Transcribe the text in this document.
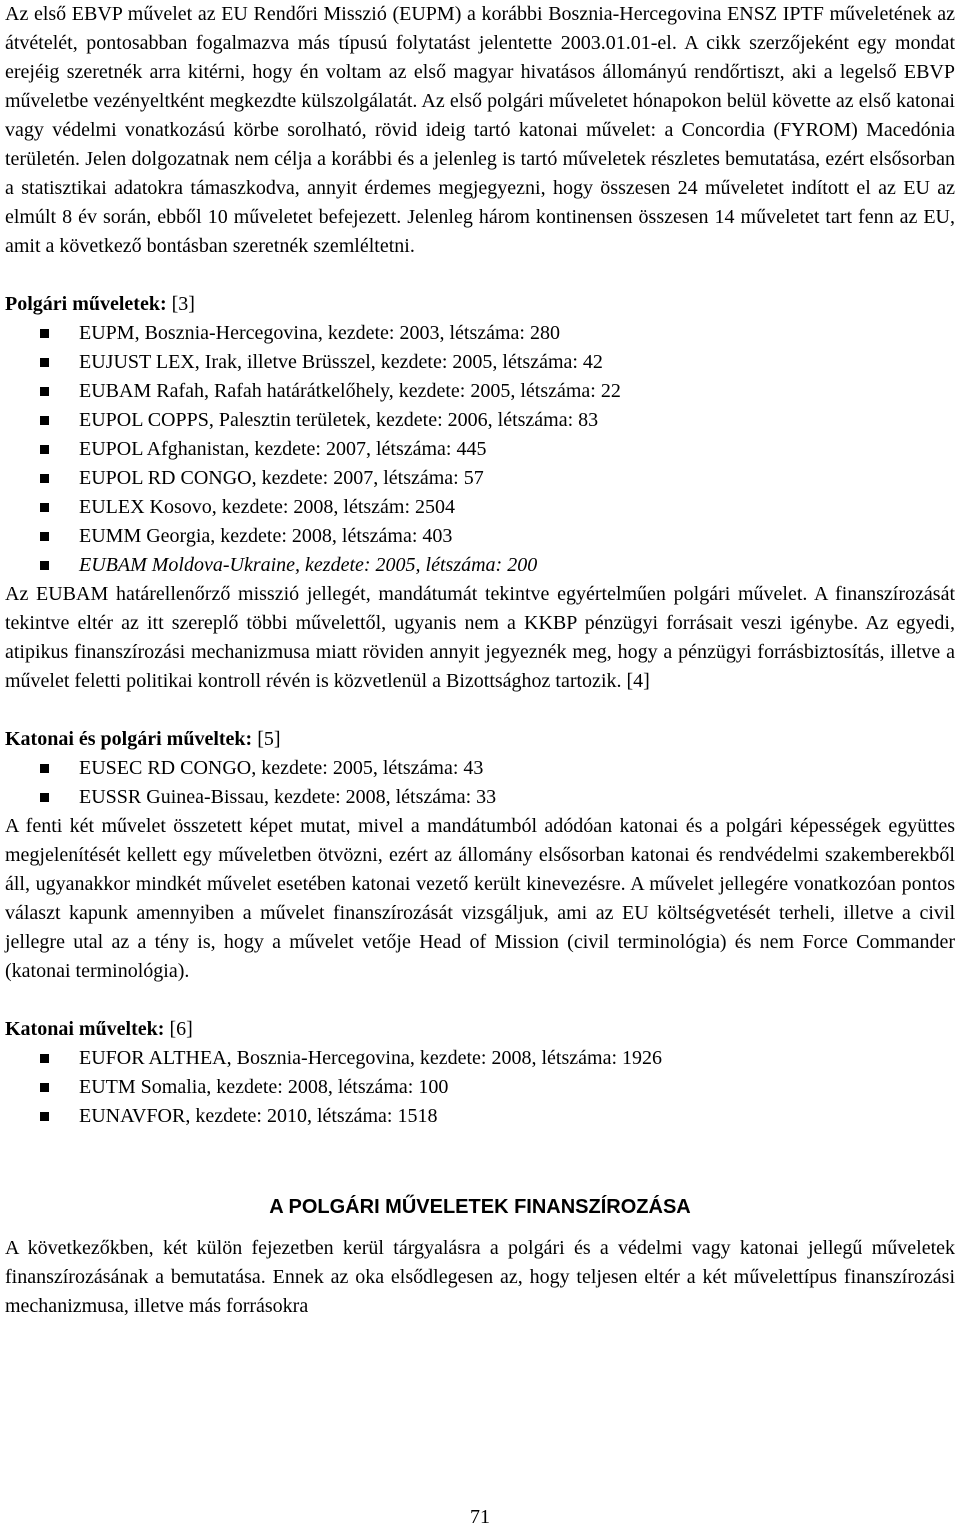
Az első EBVP művelet az EU Rendőri Misszió (EUPM) a korábbi Bosznia-Hercegovina ENSZ IPTF műveletének az átvételét, pontosabban fogalmazva más típusú folytatást jelentette 2003.01.01-el. A cikk szerzőjeként egy mondat erejéig szeretnék arra kitérni, hogy én voltam az első magyar hivatásos állományú rendőrtiszt, aki a legelső EBVP műveletbe vezényeltként megkezdte külszolgálatát. Az első polgári műveletet hónapokon belül követte az első katonai vagy védelmi vonatkozású körbe sorolható, rövid ideig tartó katonai művelet: a Concordia (FYROM) Macedónia területén. Jelen dolgozatnak nem célja a korábbi és a jelenleg is tartó műveletek részletes bemutatása, ezért elsősorban a statisztikai adatokra támaszkodva, annyit érdemes megjegyezni, hogy összesen 24 műveletet indított el az EU az elmúlt 8 év során, ebből 10 műveletet befejezett. Jelenleg három kontinensen összesen 14 műveletet tart fenn az EU, amit a következő bontásban szeretnék szemléltetni.

Polgári műveletek: [3]
EUPM, Bosznia-Hercegovina, kezdete: 2003, létszáma: 280
EUJUST LEX, Irak, illetve Brüsszel, kezdete: 2005, létszáma: 42
EUBAM Rafah, Rafah határátkelőhely, kezdete: 2005, létszáma: 22
EUPOL COPPS, Palesztin területek, kezdete: 2006, létszáma: 83
EUPOL Afghanistan, kezdete: 2007, létszáma: 445
EUPOL RD CONGO, kezdete: 2007, létszáma: 57
EULEX Kosovo, kezdete: 2008, létszám: 2504
EUMM Georgia, kezdete: 2008, létszáma: 403
EUBAM Moldova-Ukraine, kezdete: 2005, létszáma: 200

Az EUBAM határellenőrző misszió jellegét, mandátumát tekintve egyértelműen polgári művelet. A finanszírozását tekintve eltér az itt szereplő többi művelettől, ugyanis nem a KKBP pénzügyi forrásait veszi igénybe. Az egyedi, atipikus finanszírozási mechanizmusa miatt röviden annyit jegyeznék meg, hogy a pénzügyi forrásbiztosítás, illetve a művelet feletti politikai kontroll révén is közvetlenül a Bizottsághoz tartozik. [4]

Katonai és polgári műveltek: [5]
EUSEC RD CONGO, kezdete: 2005, létszáma: 43
EUSSR Guinea-Bissau, kezdete: 2008, létszáma: 33

A fenti két művelet összetett képet mutat, mivel a mandátumból adódóan katonai és a polgári képességek együttes megjelenítését kellett egy műveletben ötvözni, ezért az állomány elsősorban katonai és rendvédelmi szakemberekből áll, ugyanakkor mindkét művelet esetében katonai vezető került kinevezésre. A művelet jellegére vonatkozóan pontos választ kapunk amennyiben a művelet finanszírozását vizsgáljuk, ami az EU költségvetését terheli, illetve a civil jellegre utal az a tény is, hogy a művelet vetője Head of Mission (civil terminológia) és nem Force Commander (katonai terminológia).

Katonai műveltek: [6]
EUFOR ALTHEA, Bosznia-Hercegovina, kezdete: 2008, létszáma: 1926
EUTM Somalia, kezdete: 2008, létszáma: 100
EUNAVFOR, kezdete: 2010, létszáma: 1518
A POLGÁRI MŰVELETEK FINANSZÍROZÁSA

A következőkben, két külön fejezetben kerül tárgyalásra a polgári és a védelmi vagy katonai jellegű műveletek finanszírozásának a bemutatása. Ennek az oka elsődlegesen az, hogy teljesen eltér a két művelettípus finanszírozási mechanizmusa, illetve más forrásokra

71
